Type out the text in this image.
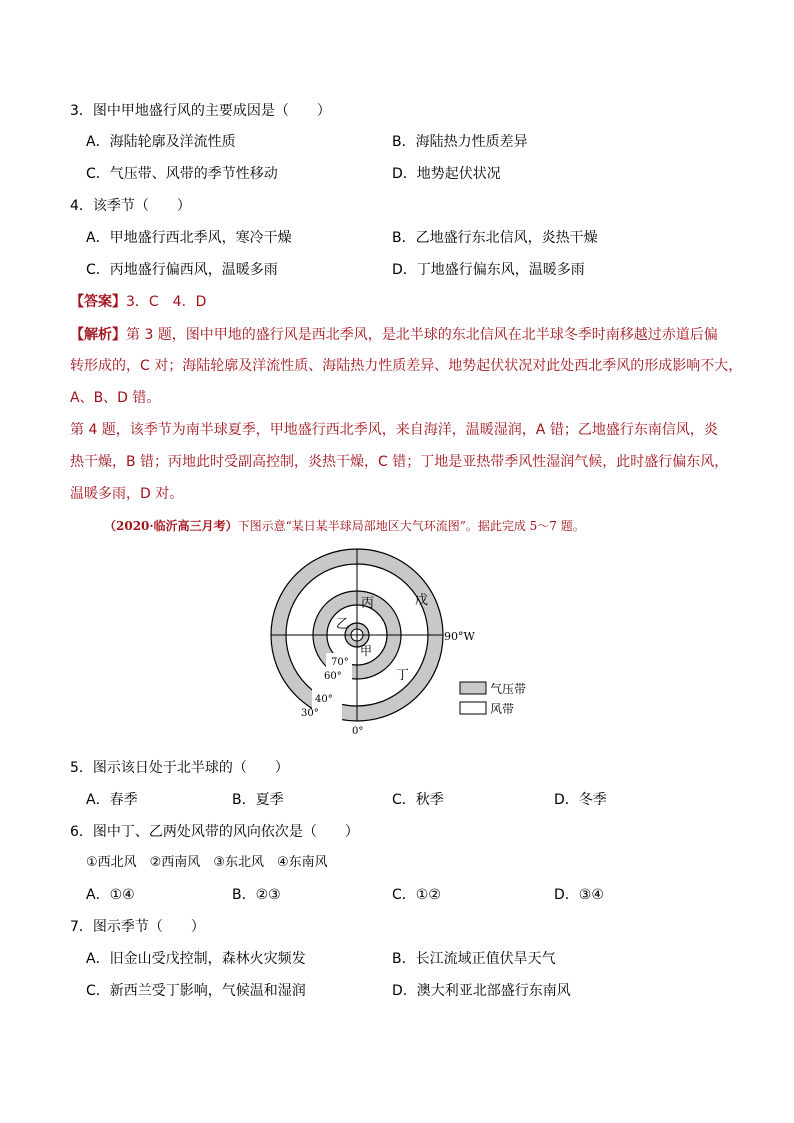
3．图中甲地盛行风的主要成因是（　　）
A．海陆轮廓及洋流性质	B．海陆热力性质差异
C．气压带、风带的季节性移动	D．地势起伏状况
4．该季节（　　）
A．甲地盛行西北季风，寒冷干燥	B．乙地盛行东北信风，炎热干燥
C．丙地盛行偏西风，温暖多雨	D．丁地盛行偏东风，温暖多雨
【答案】3．C　4．D
【解析】第 3 题，图中甲地的盛行风是西北季风，是北半球的东北信风在北半球冬季时南移越过赤道后偏
转形成的，C 对；海陆轮廓及洋流性质、海陆热力性质差异、地势起伏状况对此处西北季风的形成影响不大，
A、B、D 错。
第 4 题，该季节为南半球夏季，甲地盛行西北季风，来自海洋，温暖湿润，A 错；乙地盛行东南信风，炎
热干燥，B 错；丙地此时受副高控制，炎热干燥，C 错；丁地是亚热带季风性湿润气候，此时盛行偏东风，
温暖多雨，D 对。
（2020·临沂高三月考）下图示意“某日某半球局部地区大气环流图”。据此完成 5～7 题。
丙	戊
乙
甲
丁
90°W
70°
60°
40°
30°
0°
气压带
风带
5．图示该日处于北半球的（　　）
A．春季	B．夏季	C．秋季	D．冬季
6．图中丁、乙两处风带的风向依次是（　　）
①西北风　②西南风　③东北风　④东南风
A．①④	B．②③	C．①②	D．③④
7．图示季节（　　）
A．旧金山受戊控制，森林火灾频发	B．长江流域正值伏旱天气
C．新西兰受丁影响，气候温和湿润	D．澳大利亚北部盛行东南风
